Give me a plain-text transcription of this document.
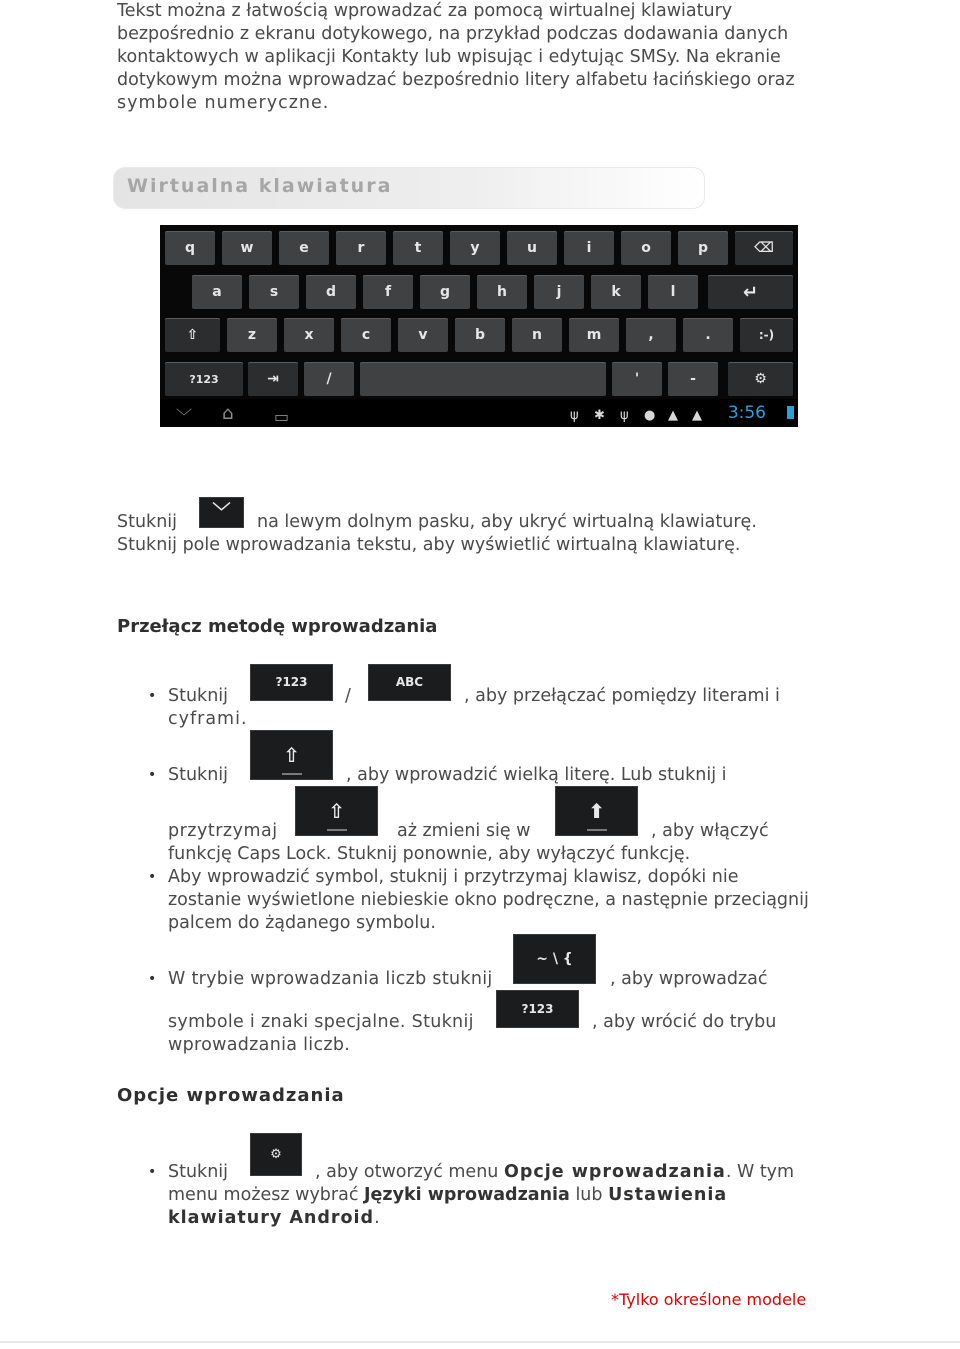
Tekst można z łatwością wprowadzać za pomocą wirtualnej klawiatury
bezpośrednio z ekranu dotykowego, na przykład podczas dodawania danych
kontaktowych w aplikacji Kontakty lub wpisując i edytując SMSy. Na ekranie
dotykowym można wprowadzać bezpośrednio litery alfabetu łacińskiego oraz
symbole numeryczne.
Wirtualna klawiatura
q	w	e	r	t	y	u	i	o	p	⌫
a	s	d	f	g	h	j	k	l	↵
⇧	z	x	c	v	b	n	m	,	.	:-)
?123	⇥	/	'	-	⚙
﹀ ⌂	▭	ψ ✱ ψ ● ▲ ▲ 3:56
Stuknij ﹀ na lewym dolnym pasku, aby ukryć wirtualną klawiaturę.
Stuknij pole wprowadzania tekstu, aby wyświetlić wirtualną klawiaturę.
Przełącz metodę wprowadzania
• Stuknij
?123
/
ABC
, aby przełączać pomiędzy literami i
cyframi.
• Stuknij
⇧
, aby wprowadzić wielką literę. Lub stuknij i
przytrzymaj
⇧
aż zmieni się w
⬆
, aby włączyć
funkcję Caps Lock. Stuknij ponownie, aby wyłączyć funkcję.
• Aby wprowadzić symbol, stuknij i przytrzymaj klawisz, dopóki nie
zostanie wyświetlone niebieskie okno podręczne, a następnie przeciągnij
palcem do żądanego symbolu.
• W trybie wprowadzania liczb stuknij
~ \ {
, aby wprowadzać
symbole i znaki specjalne. Stuknij
?123
, aby wrócić do trybu
wprowadzania liczb.
Opcje wprowadzania
• Stuknij
⚙
, aby otworzyć menu Opcje wprowadzania. W tym
menu możesz wybrać Języki wprowadzania lub Ustawienia
klawiatury Android.
*Tylko określone modele
